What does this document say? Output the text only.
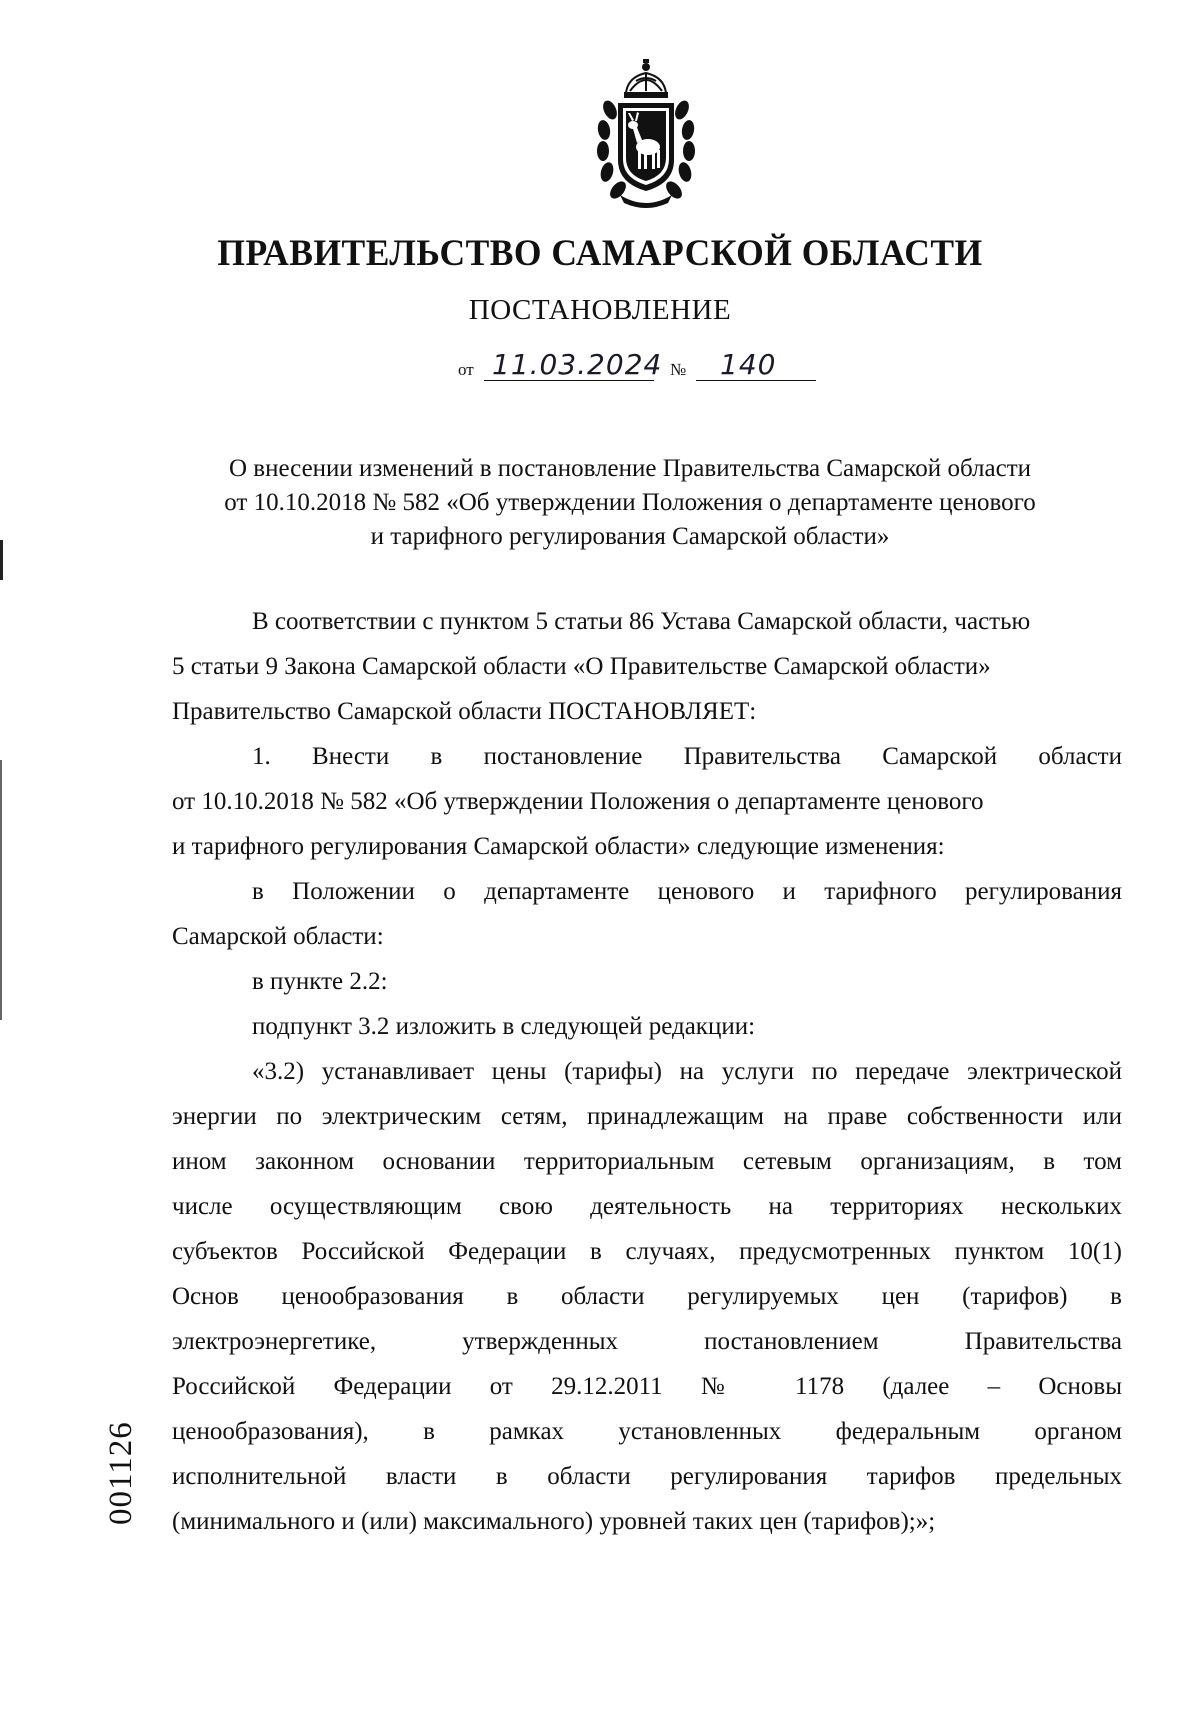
ПРАВИТЕЛЬСТВО САМАРСКОЙ ОБЛАСТИ
ПОСТАНОВЛЕНИЕ
от 11.03.2024 № 140
О внесении изменений в постановление Правительства Самарской области
от 10.10.2018 № 582 «Об утверждении Положения о департаменте ценового
и тарифного регулирования Самарской области»

В соответствии с пунктом 5 статьи 86 Устава Самарской области, частью

5 статьи 9 Закона Самарской области «О Правительстве Самарской области»

Правительство Самарской области ПОСТАНОВЛЯЕТ:

1. Внести в постановление Правительства Самарской области

от 10.10.2018 № 582 «Об утверждении Положения о департаменте ценового

и тарифного регулирования Самарской области» следующие изменения:

в Положении о департаменте ценового и тарифного регулирования

Самарской области:

в пункте 2.2:

подпункт 3.2 изложить в следующей редакции:

«3.2) устанавливает цены (тарифы) на услуги по передаче электрической

энергии по электрическим сетям, принадлежащим на праве собственности или

ином законном основании территориальным сетевым организациям, в том

числе осуществляющим свою деятельность на территориях нескольких

субъектов Российской Федерации в случаях, предусмотренных пунктом 10(1)

Основ ценообразования в области регулируемых цен (тарифов) в

электроэнергетике, утвержденных постановлением Правительства

Российской Федерации от 29.12.2011 № 1178 (далее – Основы

ценообразования), в рамках установленных федеральным органом

исполнительной власти в области регулирования тарифов предельных

(минимального и (или) максимального) уровней таких цен (тарифов);»;

001126
